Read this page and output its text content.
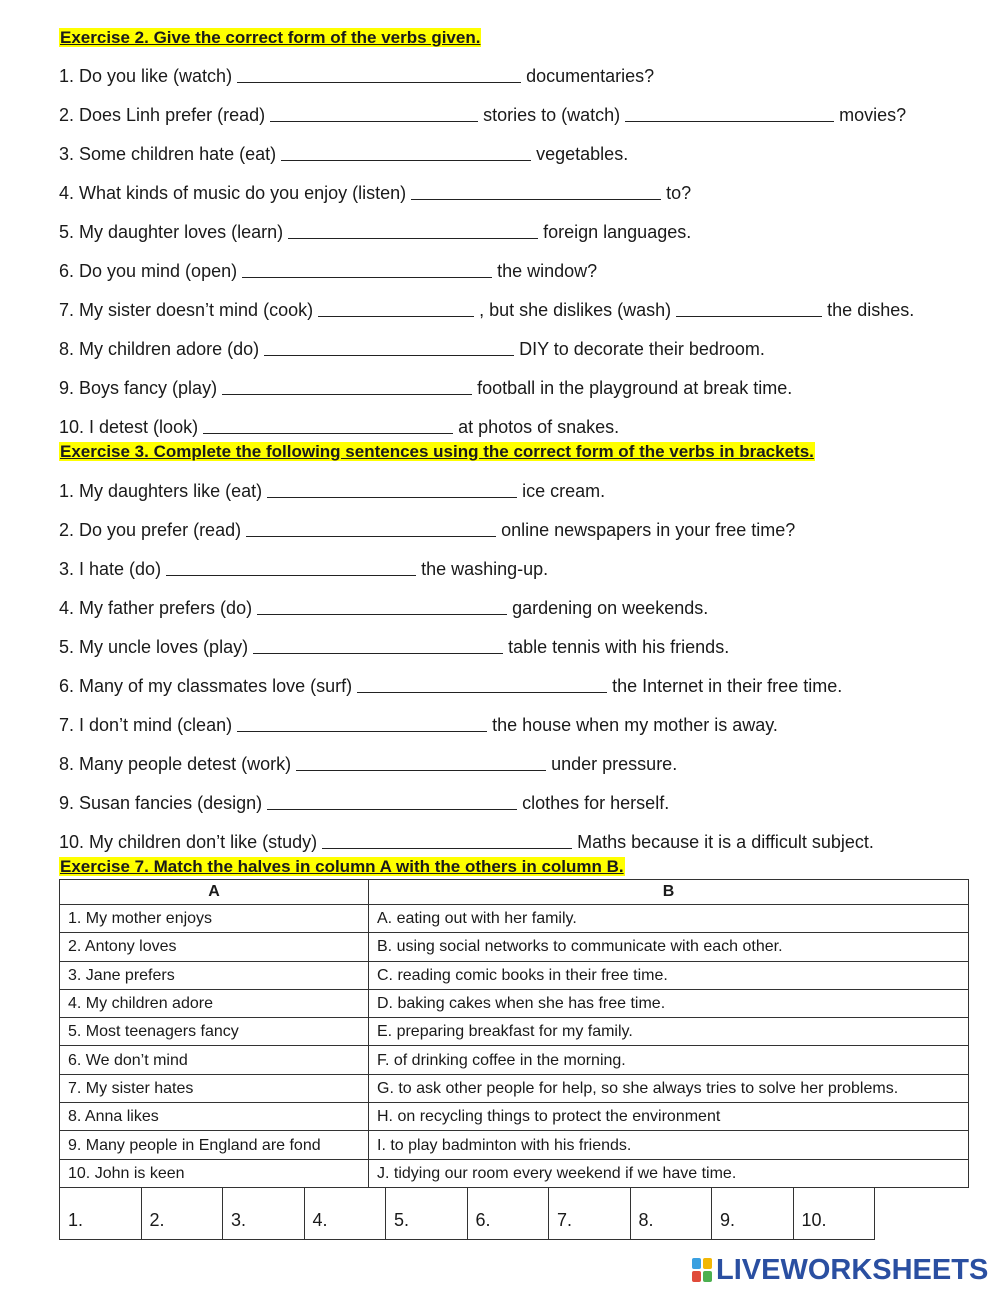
Exercise 2. Give the correct form of the verbs given.

1. Do you like (watch)	documentaries?

2. Does Linh prefer (read)	stories to (watch)	movies?

3. Some children hate (eat)	vegetables.

4. What kinds of music do you enjoy (listen)	to?

5. My daughter loves (learn)	foreign languages.

6. Do you mind (open)	the window?

7. My sister doesn’t mind (cook)	, but she dislikes (wash)	the dishes.

8. My children adore (do)	DIY to decorate their bedroom.

9. Boys fancy (play)	football in the playground at break time.

10. I detest (look)	at photos of snakes.

Exercise 3. Complete the following sentences using the correct form of the verbs in brackets.

1. My daughters like (eat)	ice cream.

2. Do you prefer (read)	online newspapers in your free time?

3. I hate (do)	the washing-up.

4. My father prefers (do)	gardening on weekends.

5. My uncle loves (play)	table tennis with his friends.

6. Many of my classmates love (surf)	the Internet in their free time.

7. I don’t mind (clean)	the house when my mother is away.

8. Many people detest (work)	under pressure.

9. Susan fancies (design)	clothes for herself.

10. My children don’t like (study)	Maths because it is a difficult subject.

Exercise 7. Match the halves in column A with the others in column B.

A	B
1. My mother enjoys	A. eating out with her family.
2. Antony loves	B. using social networks to communicate with each other.
3. Jane prefers	C. reading comic books in their free time.
4. My children adore	D. baking cakes when she has free time.
5. Most teenagers fancy	E. preparing breakfast for my family.
6. We don’t mind	F. of drinking coffee in the morning.
7. My sister hates	G. to ask other people for help, so she always tries to solve her problems.
8. Anna likes	H. on recycling things to protect the environment
9. Many people in England are fond	I. to play badminton with his friends.
10. John is keen	J. tidying our room every weekend if we have time.
1.	2.	3.	4.	5.	6.	7.	8.	9.	10.
LIVEWORKSHEETS
